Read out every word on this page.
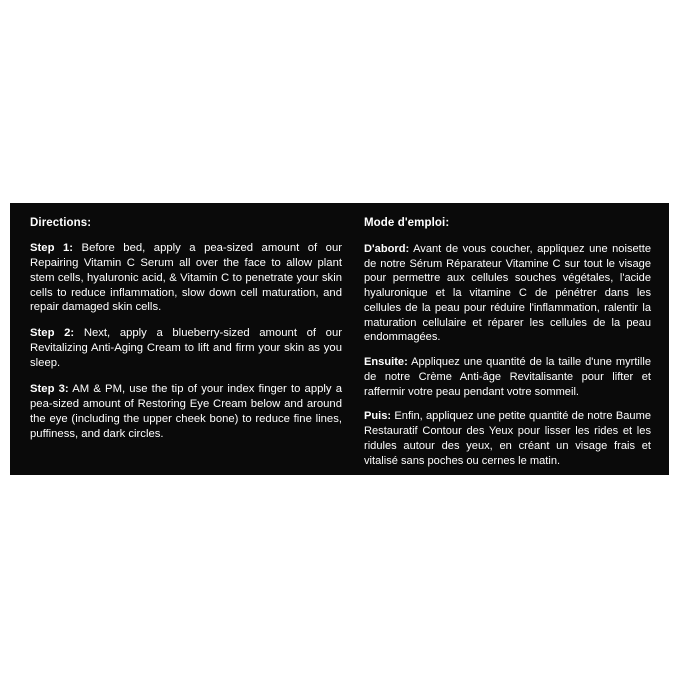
Directions:

Step 1: Before bed, apply a pea-sized amount of our Repairing Vitamin C Serum all over the face to allow plant stem cells, hyaluronic acid, & Vitamin C to penetrate your skin cells to reduce inflammation, slow down cell maturation, and repair damaged skin cells.

Step 2: Next, apply a blueberry-sized amount of our Revitalizing Anti-Aging Cream to lift and firm your skin as you sleep.

Step 3: AM & PM, use the tip of your index finger to apply a pea-sized amount of Restoring Eye Cream below and around the eye (including the upper cheek bone) to reduce fine lines, puffiness, and dark circles.

Mode d'emploi:

D'abord: Avant de vous coucher, appliquez une noisette de notre Sérum Réparateur Vitamine C sur tout le visage pour permettre aux cellules souches végétales, l'acide hyaluronique et la vitamine C de pénétrer dans les cellules de la peau pour réduire l'inflammation, ralentir la maturation cellulaire et réparer les cellules de la peau endommagées.

Ensuite: Appliquez une quantité de la taille d'une myrtille de notre Crème Anti-âge Revitalisante pour lifter et raffermir votre peau pendant votre sommeil.

Puis: Enfin, appliquez une petite quantité de notre Baume Restauratif Contour des Yeux pour lisser les rides et les ridules autour des yeux, en créant un visage frais et vitalisé sans poches ou cernes le matin.
